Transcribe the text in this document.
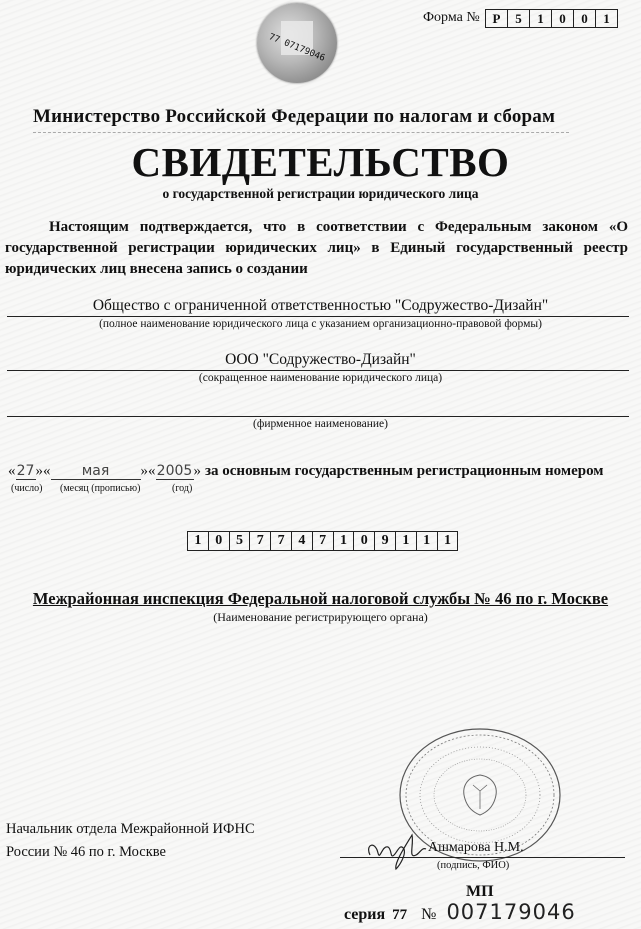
77 07179046
Форма № Р	5	1	0	0	1
Министерство Российской Федерации по налогам и сборам
СВИДЕТЕЛЬСТВО
о государственной регистрации юридического лица
Настоящим подтверждается, что в соответствии с Федеральным законом «О государственной регистрации юридических лиц» в Единый государственный реестр юридических лиц внесена запись о создании
Общество с ограниченной ответственностью "Содружество-Дизайн"
(полное наименование юридического лица с указанием организационно-правовой формы)
ООО "Содружество-Дизайн"
(сокращенное наименование юридического лица)
(фирменное наименование)
« 27 » «	мая	» « 2005 » за основным государственным регистрационным номером
(число) (месяц (прописью)	(год)
1 0 5 7 7 4 7 1 0 9 1 1 1
Межрайонная инспекция Федеральной налоговой службы № 46 по г. Москве
(Наименование регистрирующего органа)
Начальник отдела Межрайонной ИФНС
России № 46 по г. Москве	Ашмарова Н.М.
(подпись, ФИО)
МП
серия 77 № 007179046
